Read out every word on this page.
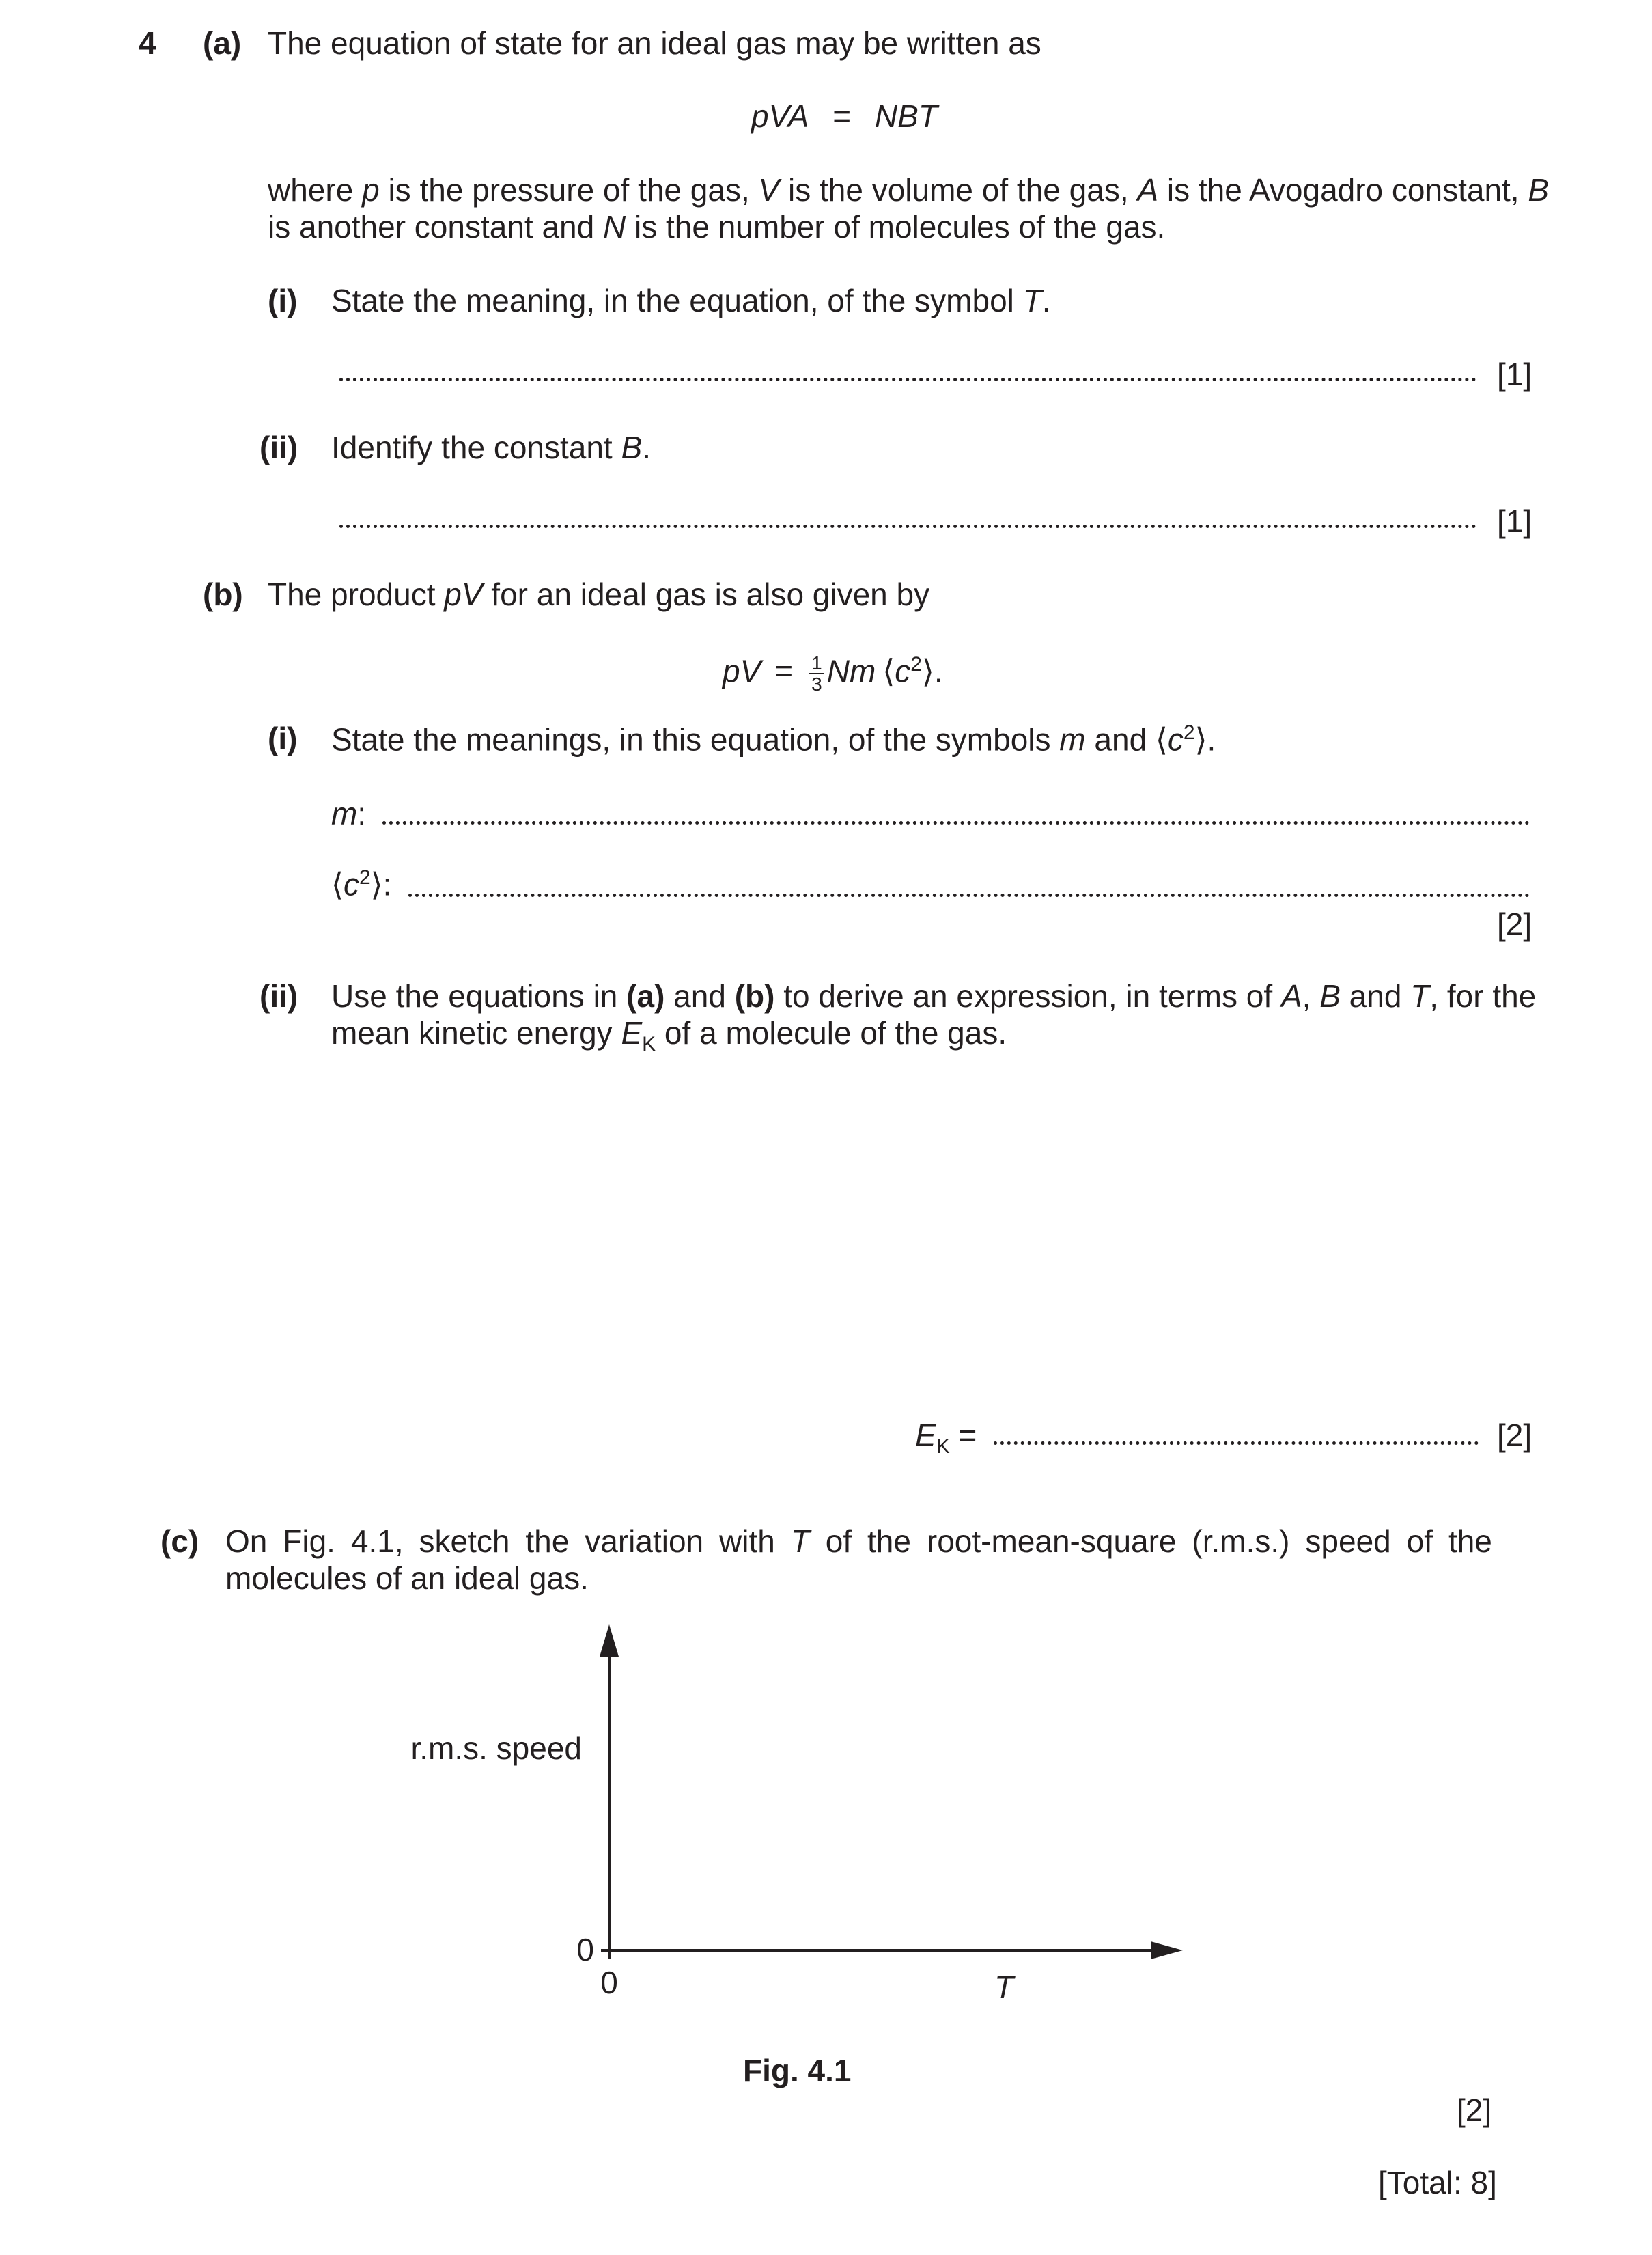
4 (a) The equation of state for an ideal gas may be written as
pVA = NBT
where p is the pressure of the gas, V is the volume of the gas, A is the Avogadro constant, B
is another constant and N is the number of molecules of the gas.
(i) State the meaning, in the equation, of the symbol T.
[1]
(ii) Identify the constant B.
[1]
(b) The product pV for an ideal gas is also given by
pV = $\frac{1}{3}$ Nm $⟨c^2⟩$.
(i) State the meanings, in this equation, of the symbols m and $⟨c^2⟩$.
m:
$⟨c^2⟩$:
[2]
(ii) Use the equations in (a) and (b) to derive an expression, in terms of A, B and T, for the
mean kinetic energy $E_K$ of a molecule of the gas.
$E_K$ =	[2]
(c) On Fig. 4.1, sketch the variation with T of the root-mean-square (r.m.s.) speed of the
molecules of an ideal gas.
r.m.s. speed
0
0	T
Fig. 4.1
[2]
[Total: 8]
